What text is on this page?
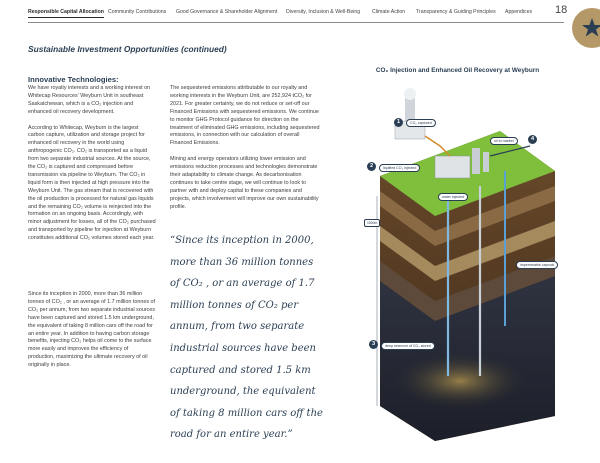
Responsible Capital Allocation Community Contributions Good Governance & Shareholder Alignment Diversity, Inclusion & Well-Being Climate Action Transparency & Guiding Principles Appendices 18
Sustainable Investment Opportunities (continued)
Innovative Technologies:

We have royalty interests and a working interest on Whitecap Resources’ Weyburn Unit in southeast Saskatchewan, which is a CO₂ injection and enhanced oil recovery development.

According to Whitecap, Weyburn is the largest carbon capture, utilization and storage project for enhanced oil recovery in the world using anthropogenic CO₂. CO₂ is transported as a liquid from two separate industrial sources. At the source, the CO₂ is captured and compressed before transmission via pipeline to Weyburn. The CO₂ in liquid form is then injected at high pressure into the Weyburn Unit. The gas stream that is recovered with the oil production is processed for natural gas liquids and the remaining CO₂ volume is reinjected into the formation on an ongoing basis. Accordingly, with minor adjustment for losses, all of the CO₂ purchased and transported by pipeline for injection at Weyburn constitutes additional CO₂ volumes stored each year.

Since its inception in 2000, more than 36 million tonnes of CO₂ , or an average of 1.7 million tonnes of CO₂ per annum, from two separate industrial sources have been captured and stored 1.5 km underground, the equivalent of taking 8 million cars off the road for an entire year. In addition to having carbon storage benefits, injecting CO₂ helps oil come to the surface more easily and improves the efficiency of production, maximizing the ultimate recovery of oil originally in place.

The sequestered emissions attributable to our royalty and working interests in the Weyburn Unit, are 252,924 tCO₂ for 2021. For greater certainty, we do not reduce or set-off our Financed Emissions with sequestered emissions. We continue to monitor GHG Protocol guidance for direction on the treatment of eliminated GHG emissions, including sequestered emissions, in connection with our calculation of overall Financed Emissions.

Mining and energy operators utilizing lower emission and emissions reduction processes and technologies demonstrate their adaptability to climate change. As decarbonisation continues to take centre stage, we will continue to look to partner with and deploy capital to these companies and projects, which involvement will improve our own sustainability profile.

“Since its inception in 2000, more than 36 million tonnes of CO₂ , or an average of 1.7 million tonnes of CO₂ per annum, from two separate industrial sources have been captured and stored 1.5 km underground, the equivalent of taking 8 million cars off the road for an entire year.”
CO₂ Injection and Enhanced Oil Recovery at Weyburn
1	CO₂ captured
4
oil to market
2	liquified CO₂ injected
water injected
impermeable caprock
3	deep reservoir of CO₂ stored
1500m
